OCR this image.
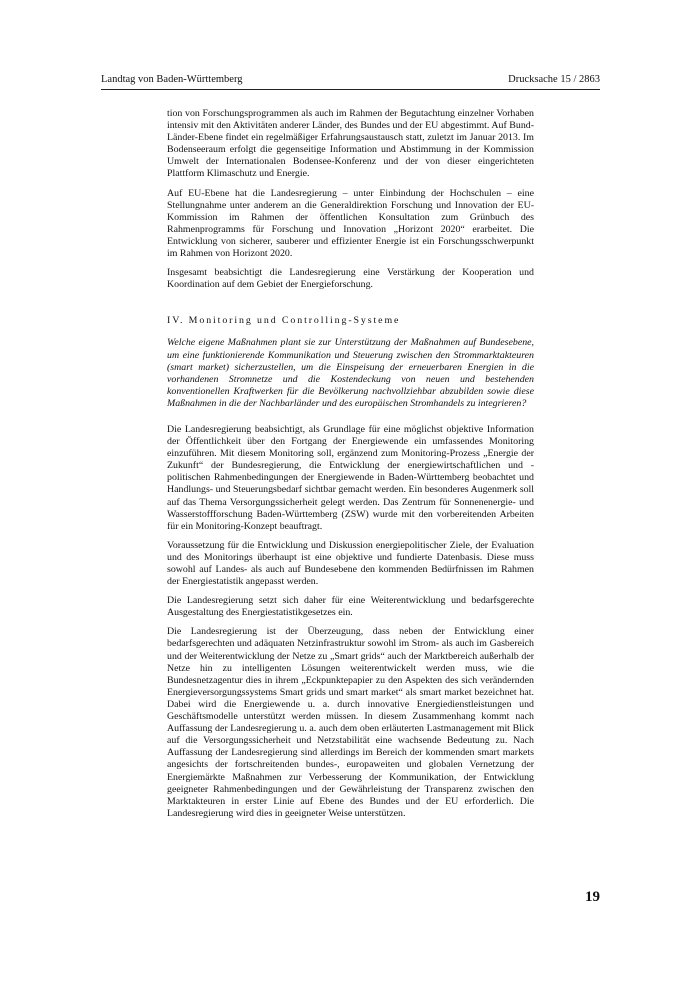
Landtag von Baden-Württemberg	Drucksache 15 / 2863

tion von Forschungsprogrammen als auch im Rahmen der Begutachtung einzelner Vorhaben intensiv mit den Aktivitäten anderer Länder, des Bundes und der EU abgestimmt. Auf Bund-Länder-Ebene findet ein regelmäßiger Erfahrungsaustausch statt, zuletzt im Januar 2013. Im Bodenseeraum erfolgt die gegenseitige Information und Abstimmung in der Kommission Umwelt der Internationalen Bodensee-Konferenz und der von dieser eingerichteten Plattform Klimaschutz und Energie.

Auf EU-Ebene hat die Landesregierung – unter Einbindung der Hochschulen – eine Stellungnahme unter anderem an die Generaldirektion Forschung und Innovation der EU-Kommission im Rahmen der öffentlichen Konsultation zum Grünbuch des Rahmenprogramms für Forschung und Innovation „Horizont 2020“ erarbeitet. Die Entwicklung von sicherer, sauberer und effizienter Energie ist ein Forschungsschwerpunkt im Rahmen von Horizont 2020.

Insgesamt beabsichtigt die Landesregierung eine Verstärkung der Kooperation und Koordination auf dem Gebiet der Energieforschung.

IV. Monitoring und Controlling-Systeme

Welche eigene Maßnahmen plant sie zur Unterstützung der Maßnahmen auf Bundesebene, um eine funktionierende Kommunikation und Steuerung zwischen den Strommarktakteuren (smart market) sicherzustellen, um die Einspeisung der erneuerbaren Energien in die vorhandenen Stromnetze und die Kostendeckung von neuen und bestehenden konventionellen Kraftwerken für die Bevölkerung nachvollziehbar abzubilden sowie diese Maßnahmen in die der Nachbarländer und des europäischen Stromhandels zu integrieren?

Die Landesregierung beabsichtigt, als Grundlage für eine möglichst objektive Information der Öffentlichkeit über den Fortgang der Energiewende ein umfassendes Monitoring einzuführen. Mit diesem Monitoring soll, ergänzend zum Monitoring-Prozess „Energie der Zukunft“ der Bundesregierung, die Entwicklung der energiewirtschaftlichen und -politischen Rahmenbedingungen der Energiewende in Baden-Württemberg beobachtet und Handlungs- und Steuerungsbedarf sichtbar gemacht werden. Ein besonderes Augenmerk soll auf das Thema Versorgungssicherheit gelegt werden. Das Zentrum für Sonnenenergie- und Wasserstoffforschung Baden-Württemberg (ZSW) wurde mit den vorbereitenden Arbeiten für ein Monitoring-Konzept beauftragt.

Voraussetzung für die Entwicklung und Diskussion energiepolitischer Ziele, der Evaluation und des Monitorings überhaupt ist eine objektive und fundierte Datenbasis. Diese muss sowohl auf Landes- als auch auf Bundesebene den kommenden Bedürfnissen im Rahmen der Energiestatistik angepasst werden.

Die Landesregierung setzt sich daher für eine Weiterentwicklung und bedarfsgerechte Ausgestaltung des Energiestatistikgesetzes ein.

Die Landesregierung ist der Überzeugung, dass neben der Entwicklung einer bedarfsgerechten und adäquaten Netzinfrastruktur sowohl im Strom- als auch im Gasbereich und der Weiterentwicklung der Netze zu „Smart grids“ auch der Marktbereich außerhalb der Netze hin zu intelligenten Lösungen weiterentwickelt werden muss, wie die Bundesnetzagentur dies in ihrem „Eckpunktepapier zu den Aspekten des sich verändernden Energieversorgungssystems Smart grids und smart market“ als smart market bezeichnet hat. Dabei wird die Energiewende u. a. durch innovative Energiedienstleistungen und Geschäftsmodelle unterstützt werden müssen. In diesem Zusammenhang kommt nach Auffassung der Landesregierung u. a. auch dem oben erläuterten Lastmanagement mit Blick auf die Versorgungssicherheit und Netzstabilität eine wachsende Bedeutung zu. Nach Auffassung der Landesregierung sind allerdings im Bereich der kommenden smart markets angesichts der fortschreitenden bundes-, europaweiten und globalen Vernetzung der Energiemärkte Maßnahmen zur Verbesserung der Kommunikation, der Entwicklung geeigneter Rahmenbedingungen und der Gewährleistung der Transparenz zwischen den Marktakteuren in erster Linie auf Ebene des Bundes und der EU erforderlich. Die Landesregierung wird dies in geeigneter Weise unterstützen.

19
